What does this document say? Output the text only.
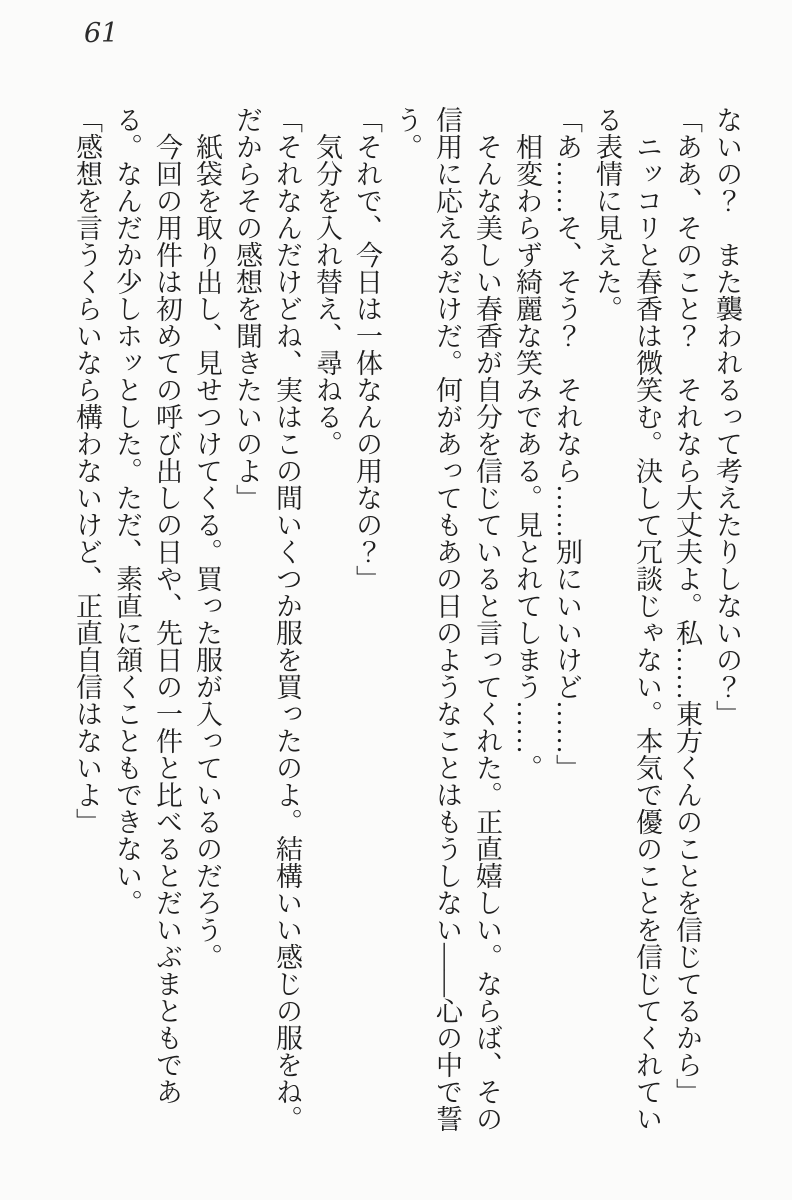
61

ないの？　また襲われるって考えたりしないの？」

「ああ、そのこと？　それなら大丈夫よ。私……東方くんのことを信じてるから」

ニッコリと春香は微笑む。決して冗談じゃない。本気で優のことを信じてくれている表情に見えた。

「あ……そ、そう？　それなら……別にいいけど……」

相変わらず綺麗な笑みである。見とれてしまう……。

そんな美しい春香が自分を信じていると言ってくれた。正直嬉しい。ならば、その信用に応えるだけだ。何があってもあの日のようなことはもうしない——心の中で誓う。

「それで、今日は一体なんの用なの？」

気分を入れ替え、尋ねる。

「それなんだけどね、実はこの間いくつか服を買ったのよ。結構いい感じの服をね。だからその感想を聞きたいのよ」

紙袋を取り出し、見せつけてくる。買った服が入っているのだろう。

今回の用件は初めての呼び出しの日や、先日の一件と比べるとだいぶまともである。なんだか少しホッとした。ただ、素直に頷くこともできない。

「感想を言うくらいなら構わないけど、正直自信はないよ」
